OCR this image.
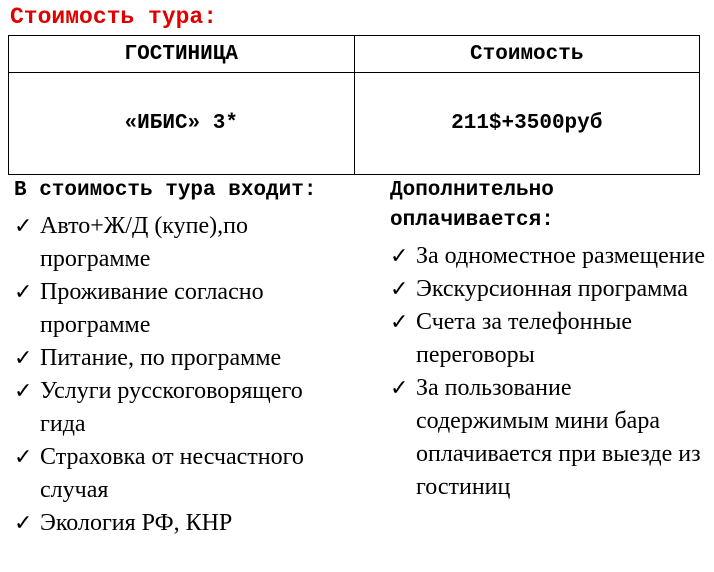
Стоимость тура:
ГОСТИНИЦА	Стоимость
«ИБИС» 3*	211$+3500руб
В стоимость тура входит:
✓ Авто+Ж/Д (купе),по программе
✓ Проживание согласно программе
✓ Питание, по программе
✓ Услуги русскоговорящего гида
✓ Страховка от несчастного случая
✓ Экология РФ, КНР
Дополнительно оплачивается:
✓ За одноместное размещение
✓ Экскурсионная программа
✓ Счета за телефонные переговоры
✓ За пользование содержимым мини бара оплачивается при выезде из гостиниц
